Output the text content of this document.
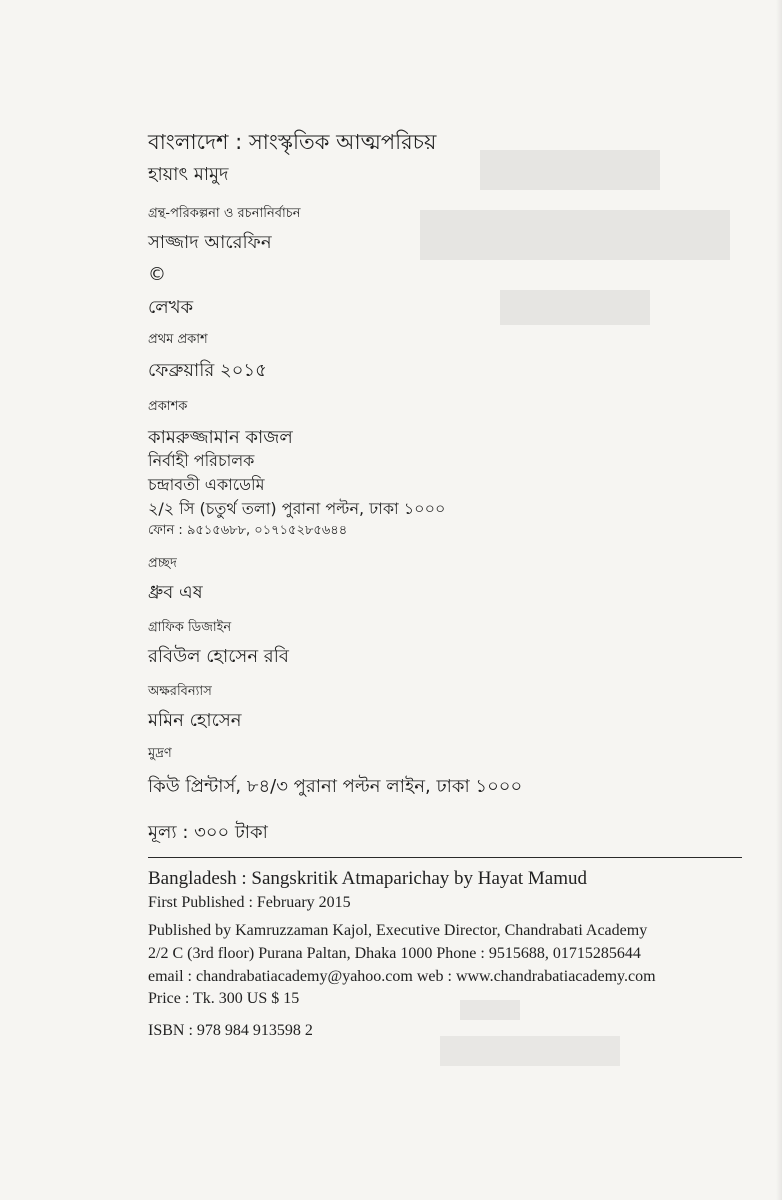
বাংলাদেশ : সাংস্কৃতিক আত্মপরিচয়
হায়াৎ মামুদ
গ্রন্থ-পরিকল্পনা ও রচনানির্বাচন
সাজ্জাদ আরেফিন
©
লেখক
প্রথম প্রকাশ
ফেব্রুয়ারি ২০১৫
প্রকাশক
কামরুজ্জামান কাজল
নির্বাহী পরিচালক
চন্দ্রাবতী একাডেমি
২/২ সি (চতুর্থ তলা) পুরানা পল্টন, ঢাকা ১০০০
ফোন : ৯৫১৫৬৮৮, ০১৭১৫২৮৫৬৪৪
প্রচ্ছদ
ধ্রুব এষ
গ্রাফিক ডিজাইন
রবিউল হোসেন রবি
অক্ষরবিন্যাস
মমিন হোসেন
মুদ্রণ
কিউ প্রিন্টার্স, ৮৪/৩ পুরানা পল্টন লাইন, ঢাকা ১০০০
মূল্য : ৩০০ টাকা
Bangladesh : Sangskritik Atmaparichay by Hayat Mamud
First Published : February 2015
Published by Kamruzzaman Kajol, Executive Director, Chandrabati Academy
2/2 C (3rd floor) Purana Paltan, Dhaka 1000 Phone : 9515688, 01715285644
email : chandrabatiacademy@yahoo.com web : www.chandrabatiacademy.com
Price : Tk. 300 US $ 15
ISBN : 978 984 913598 2
